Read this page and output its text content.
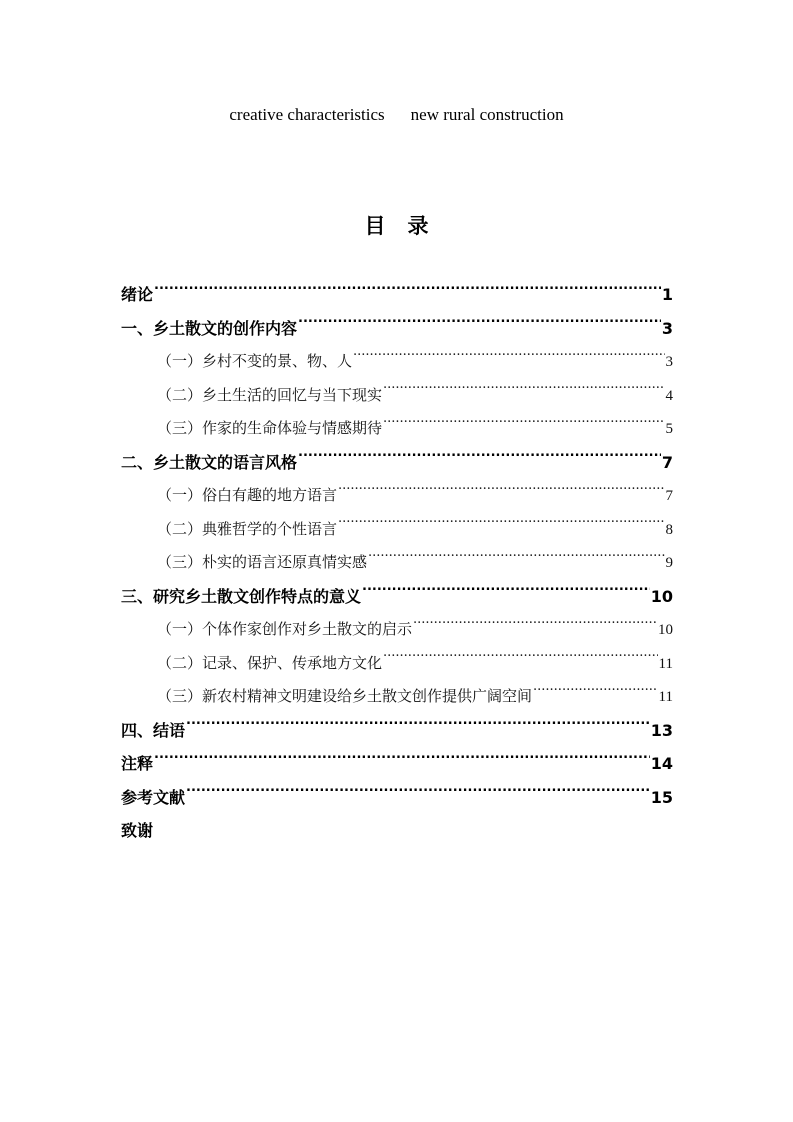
creative characteristics new rural construction
目 录
绪论 .....	1
一、乡土散文的创作内容 .....	3
（一）乡村不变的景、物、人 .....	3
（二）乡土生活的回忆与当下现实 .....	4
（三）作家的生命体验与情感期待 .....	5
二、乡土散文的语言风格 .....	7
（一）俗白有趣的地方语言 .....	7
（二）典雅哲学的个性语言 .....	8
（三）朴实的语言还原真情实感 .....	9
三、研究乡土散文创作特点的意义 .....	10
（一）个体作家创作对乡土散文的启示 .....	10
（二）记录、保护、传承地方文化 .....	11
（三）新农村精神文明建设给乡土散文创作提供广阔空间 .....	11
四、结语 .....	13
注释 .....	14
参考文献 .....	15
致谢
